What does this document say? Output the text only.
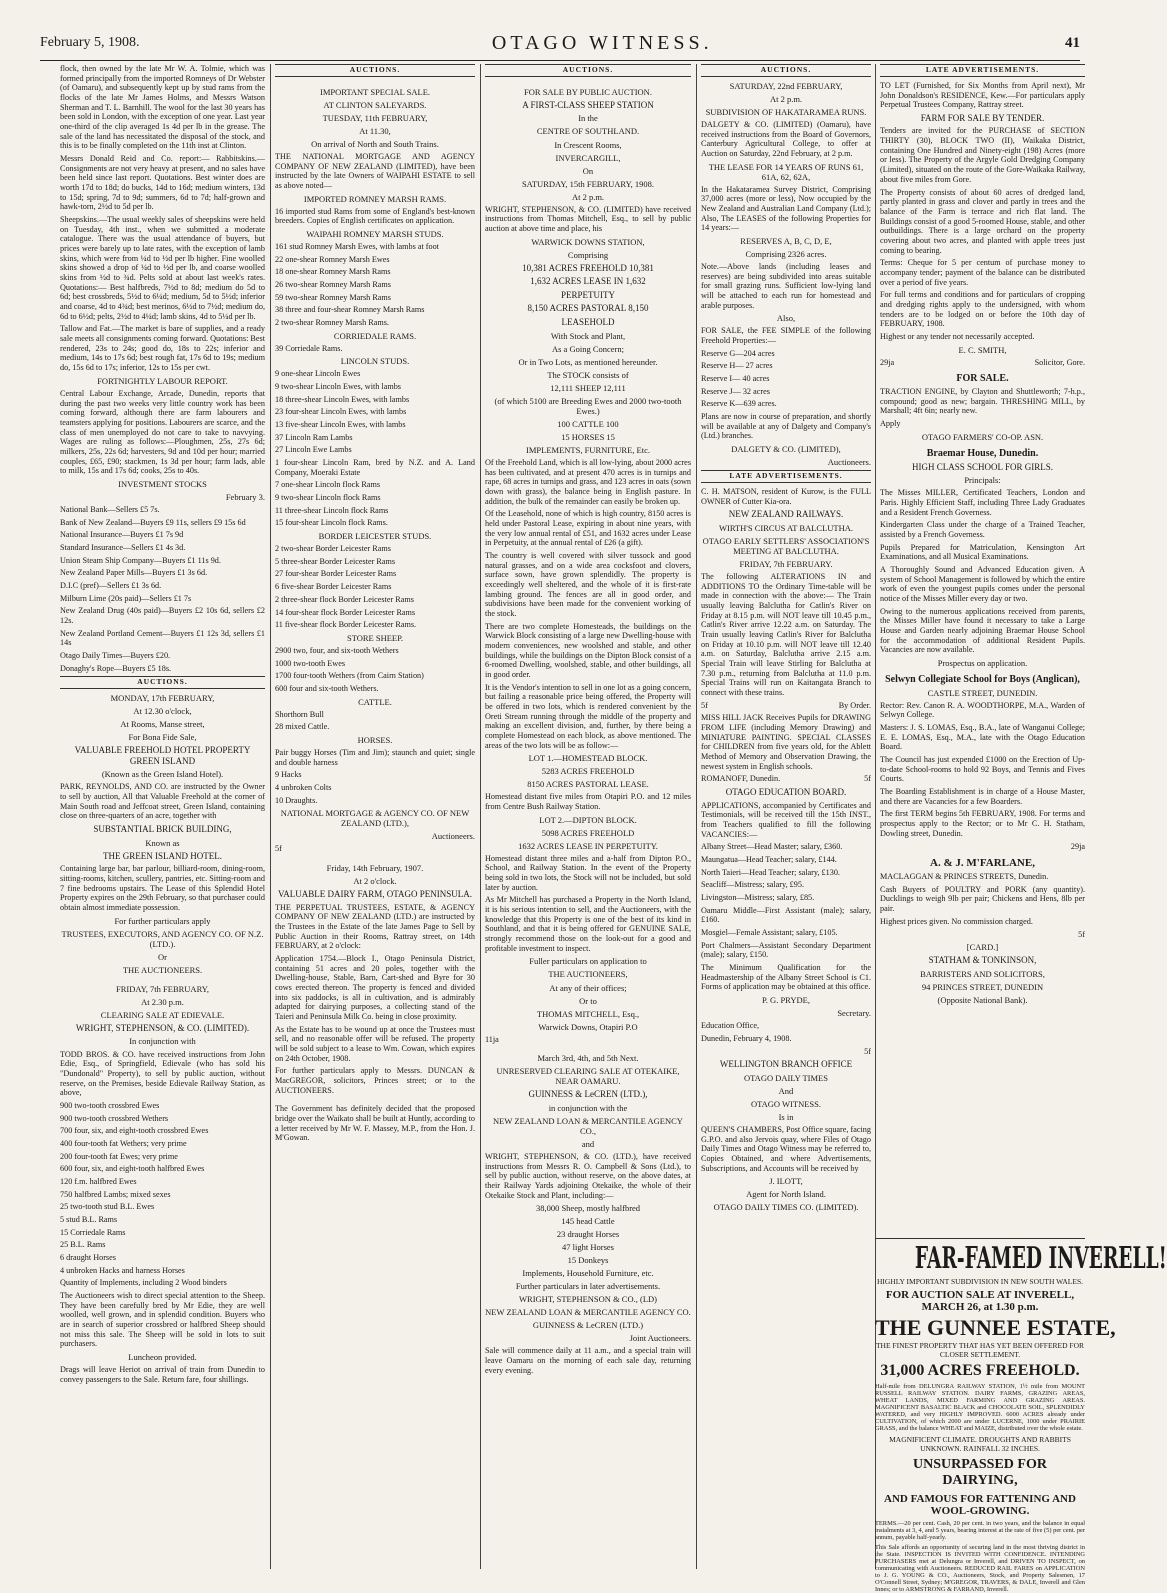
February 5, 1908.	OTAGO WITNESS.	41

flock, then owned by the late Mr W. A. Tolmie, which was formed principally from the imported Romneys of Dr Webster (of Oamaru), and subsequently kept up by stud rams from the flocks of the late Mr James Holms, and Messrs Watson Sherman and T. L. Barnhill. The wool for the last 30 years has been sold in London, with the exception of one year. Last year one-third of the clip averaged 1s 4d per lb in the grease. The sale of the land has necessitated the disposal of the stock, and this is to be finally completed on the 11th inst at Clinton.

Messrs Donald Reid and Co. report:— Rabbitskins.—Consignments are not very heavy at present, and no sales have been held since last report. Quotations. Best winter does are worth 17d to 18d; do bucks, 14d to 16d; medium winters, 13d to 15d; spring, 7d to 9d; summers, 6d to 7d; half-grown and hawk-torn, 2½d to 5d per lb.

Sheepskins.—The usual weekly sales of sheepskins were held on Tuesday, 4th inst., when we submitted a moderate catalogue. There was the usual attendance of buyers, but prices were barely up to late rates, with the exception of lamb skins, which were from ¼d to ½d per lb higher. Fine woolled skins showed a drop of ¼d to ½d per lb, and coarse woolled skins from ½d to ¾d. Pelts sold at about last week's rates. Quotations:— Best halfbreds, 7½d to 8d; medium do 5d to 6d; best crossbreds, 5½d to 6¼d; medium, 5d to 5½d; inferior and coarse, 4d to 4¾d; best merinos, 6½d to 7½d; medium do, 6d to 6½d; pelts, 2½d to 4¼d; lamb skins, 4d to 5¼d per lb.

Tallow and Fat.—The market is bare of supplies, and a ready sale meets all consignments coming forward. Quotations: Best rendered, 23s to 24s; good do, 18s to 22s; inferior and medium, 14s to 17s 6d; best rough fat, 17s 6d to 19s; medium do, 15s 6d to 17s; inferior, 12s to 15s per cwt.

FORTNIGHTLY LABOUR REPORT.

Central Labour Exchange, Arcade, Dunedin, reports that during the past two weeks very little country work has been coming forward, although there are farm labourers and teamsters applying for positions. Labourers are scarce, and the class of men unemployed do not care to take to navvying. Wages are ruling as follows:—Ploughmen, 25s, 27s 6d; milkers, 25s, 22s 6d; harvesters, 9d and 10d per hour; married couples, £65, £90; stackmen, 1s 3d per hour; farm lads, able to milk, 15s and 17s 6d; cooks, 25s to 40s.

INVESTMENT STOCKS

February 3.

National Bank—Sellers £5 7s.

Bank of New Zealand—Buyers £9 11s, sellers £9 15s 6d

National Insurance—Buyers £1 7s 9d

Standard Insurance—Sellers £1 4s 3d.

Union Steam Ship Company—Buyers £1 11s 9d.

New Zealand Paper Mills—Buyers £1 3s 6d.

D.I.C (pref)—Sellers £1 3s 6d.

Milburn Lime (20s paid)—Sellers £1 7s

New Zealand Drug (40s paid)—Buyers £2 10s 6d, sellers £2 12s.

New Zealand Portland Cement—Buyers £1 12s 3d, sellers £1 14s

Otago Daily Times—Buyers £20.

Donaghy's Rope—Buyers £5 18s.

AUCTIONS.

MONDAY, 17th FEBRUARY,

At 12.30 o'clock,

At Rooms, Manse street,

For Bona Fide Sale,

VALUABLE FREEHOLD HOTEL PROPERTY GREEN ISLAND

(Known as the Green Island Hotel).

PARK, REYNOLDS, AND CO. are instructed by the Owner to sell by auction, All that Valuable Freehold at the corner of Main South road and Jeffcoat street, Green Island, containing close on three-quarters of an acre, together with

SUBSTANTIAL BRICK BUILDING,

Known as

THE GREEN ISLAND HOTEL.

Containing large bar, bar parlour, billiard-room, dining-room, sitting-rooms, kitchen, scullery, pantries, etc. Sitting-room and 7 fine bedrooms upstairs. The Lease of this Splendid Hotel Property expires on the 29th February, so that purchaser could obtain almost immediate possession.

For further particulars apply

TRUSTEES, EXECUTORS, AND AGENCY CO. OF N.Z. (LTD.).

Or

THE AUCTIONEERS.

FRIDAY, 7th FEBRUARY,

At 2.30 p.m.

CLEARING SALE AT EDIEVALE.

WRIGHT, STEPHENSON, & CO. (LIMITED).

In conjunction with

TODD BROS. & CO. have received instructions from John Edie, Esq., of Springfield, Edievale (who has sold his "Dundonald" Property), to sell by public auction, without reserve, on the Premises, beside Edievale Railway Station, as above,

900 two-tooth crossbred Ewes

900 two-tooth crossbred Wethers

700 four, six, and eight-tooth crossbred Ewes

400 four-tooth fat Wethers; very prime

200 four-tooth fat Ewes; very prime

600 four, six, and eight-tooth halfbred Ewes

120 f.m. halfbred Ewes

750 halfbred Lambs; mixed sexes

25 two-tooth stud B.L. Ewes

5 stud B.L. Rams

15 Corriedale Rams

25 B.L. Rams

6 draught Horses

4 unbroken Hacks and harness Horses

Quantity of Implements, including 2 Wood binders

The Auctioneers wish to direct special attention to the Sheep. They have been carefully bred by Mr Edie, they are well woolled, well grown, and in splendid condition. Buyers who are in search of superior crossbred or halfbred Sheep should not miss this sale. The Sheep will be sold in lots to suit purchasers.

Luncheon provided.

Drags will leave Heriot on arrival of train from Dunedin to convey passengers to the Sale. Return fare, four shillings.

AUCTIONS.

IMPORTANT SPECIAL SALE.

AT CLINTON SALEYARDS.

TUESDAY, 11th FEBRUARY,

At 11.30,

On arrival of North and South Trains.

THE NATIONAL MORTGAGE AND AGENCY COMPANY OF NEW ZEALAND (LIMITED), have been instructed by the late Owners of WAIPAHI ESTATE to sell as above noted—

IMPORTED ROMNEY MARSH RAMS.

16 imported stud Rams from some of England's best-known breeders. Copies of English certificates on application.

WAIPAHI ROMNEY MARSH STUDS.

161 stud Romney Marsh Ewes, with lambs at foot

22 one-shear Romney Marsh Ewes

18 one-shear Romney Marsh Rams

26 two-shear Romney Marsh Rams

59 two-shear Romney Marsh Rams

38 three and four-shear Romney Marsh Rams

2 two-shear Romney Marsh Rams.

CORRIEDALE RAMS.

39 Corriedale Rams.

LINCOLN STUDS.

9 one-shear Lincoln Ewes

9 two-shear Lincoln Ewes, with lambs

18 three-shear Lincoln Ewes, with lambs

23 four-shear Lincoln Ewes, with lambs

13 five-shear Lincoln Ewes, with lambs

37 Lincoln Ram Lambs

27 Lincoln Ewe Lambs

1 four-shear Lincoln Ram, bred by N.Z. and A. Land Company, Moeraki Estate

7 one-shear Lincoln flock Rams

9 two-shear Lincoln flock Rams

11 three-shear Lincoln flock Rams

15 four-shear Lincoln flock Rams.

BORDER LEICESTER STUDS.

2 two-shear Border Leicester Rams

5 three-shear Border Leicester Rams

27 four-shear Border Leicester Rams

6 five-shear Border Leicester Rams

2 three-shear flock Border Leicester Rams

14 four-shear flock Border Leicester Rams

11 five-shear flock Border Leicester Rams.

STORE SHEEP.

2900 two, four, and six-tooth Wethers

1000 two-tooth Ewes

1700 four-tooth Wethers (from Cairn Station)

600 four and six-tooth Wethers.

CATTLE.

Shorthorn Bull

28 mixed Cattle.

HORSES.

Pair buggy Horses (Tim and Jim); staunch and quiet; single and double harness

9 Hacks

4 unbroken Colts

10 Draughts.

NATIONAL MORTGAGE & AGENCY CO. OF NEW ZEALAND (LTD.),

Auctioneers.

5f

Friday, 14th February, 1907.

At 2 o'clock.

VALUABLE DAIRY FARM, OTAGO PENINSULA.

THE PERPETUAL TRUSTEES, ESTATE, & AGENCY COMPANY OF NEW ZEALAND (LTD.) are instructed by the Trustees in the Estate of the late James Page to Sell by Public Auction in their Rooms, Rattray street, on 14th FEBRUARY, at 2 o'clock:

Application 1754.—Block I., Otago Peninsula District, containing 51 acres and 20 poles, together with the Dwelling-house, Stable, Barn, Cart-shed and Byre for 30 cows erected thereon. The property is fenced and divided into six paddocks, is all in cultivation, and is admirably adapted for dairying purposes, a collecting stand of the Taieri and Peninsula Milk Co. being in close proximity.

As the Estate has to be wound up at once the Trustees must sell, and no reasonable offer will be refused. The property will be sold subject to a lease to Wm. Cowan, which expires on 24th October, 1908.

For further particulars apply to Messrs. DUNCAN & MacGREGOR, solicitors, Princes street; or to the AUCTIONEERS.

The Government has definitely decided that the proposed bridge over the Waikato shall be built at Huntly, according to a letter received by Mr W. F. Massey, M.P., from the Hon. J. M'Gowan.

AUCTIONS.

FOR SALE BY PUBLIC AUCTION.

A FIRST-CLASS SHEEP STATION

In the

CENTRE OF SOUTHLAND.

In Crescent Rooms,

INVERCARGILL,

On

SATURDAY, 15th FEBRUARY, 1908.

At 2 p.m.

WRIGHT, STEPHENSON, & CO. (LIMITED) have received instructions from Thomas Mitchell, Esq., to sell by public auction at above time and place, his

WARWICK DOWNS STATION,

Comprising

10,381 ACRES FREEHOLD 10,381

1,632 ACRES LEASE IN 1,632

PERPETUITY

8,150 ACRES PASTORAL 8,150

LEASEHOLD

With Stock and Plant,

As a Going Concern;

Or in Two Lots, as mentioned hereunder.

The STOCK consists of

12,111 SHEEP 12,111

(of which 5100 are Breeding Ewes and 2000 two-tooth Ewes.)

100 CATTLE 100

15 HORSES 15

IMPLEMENTS, FURNITURE, Etc.

Of the Freehold Land, which is all low-lying, about 2000 acres has been cultivated, and at present 470 acres is in turnips and rape, 68 acres in turnips and grass, and 123 acres in oats (sown down with grass), the balance being in English pasture. In addition, the bulk of the remainder can easily be broken up.

Of the Leasehold, none of which is high country, 8150 acres is held under Pastoral Lease, expiring in about nine years, with the very low annual rental of £51, and 1632 acres under Lease in Perpetuity, at the annual rental of £26 (a gift).

The country is well covered with silver tussock and good natural grasses, and on a wide area cocksfoot and clovers, surface sown, have grown splendidly. The property is exceedingly well sheltered, and the whole of it is first-rate lambing ground. The fences are all in good order, and subdivisions have been made for the convenient working of the stock.

There are two complete Homesteads, the buildings on the Warwick Block consisting of a large new Dwelling-house with modern conveniences, new woolshed and stable, and other buildings, while the buildings on the Dipton Block consist of a 6-roomed Dwelling, woolshed, stable, and other buildings, all in good order.

It is the Vendor's intention to sell in one lot as a going concern, but failing a reasonable price being offered, the Property will be offered in two lots, which is rendered convenient by the Oreti Stream running through the middle of the property and making an excellent division, and, further, by there being a complete Homestead on each block, as above mentioned. The areas of the two lots will be as follow:—

LOT 1.—HOMESTEAD BLOCK.

5283 ACRES FREEHOLD

8150 ACRES PASTORAL LEASE.

Homestead distant five miles from Otapiri P.O. and 12 miles from Centre Bush Railway Station.

LOT 2.—DIPTON BLOCK.

5098 ACRES FREEHOLD

1632 ACRES LEASE IN PERPETUITY.

Homestead distant three miles and a-half from Dipton P.O., School, and Railway Station. In the event of the Property being sold in two lots, the Stock will not be included, but sold later by auction.

As Mr Mitchell has purchased a Property in the North Island, it is his serious intention to sell, and the Auctioneers, with the knowledge that this Property is one of the best of its kind in Southland, and that it is being offered for GENUINE SALE, strongly recommend those on the look-out for a good and profitable investment to inspect.

Fuller particulars on application to

THE AUCTIONEERS,

At any of their offices;

Or to

THOMAS MITCHELL, Esq.,

Warwick Downs, Otapiri P.O

11ja

March 3rd, 4th, and 5th Next.

UNRESERVED CLEARING SALE AT OTEKAIKE, NEAR OAMARU.

GUINNESS & LeCREN (LTD.),

in conjunction with the

NEW ZEALAND LOAN & MERCANTILE AGENCY CO.,

and

WRIGHT, STEPHENSON, & CO. (LTD.), have received instructions from Messrs R. O. Campbell & Sons (Ltd.), to sell by public auction, without reserve, on the above dates, at their Railway Yards adjoining Otekaike, the whole of their Otekaike Stock and Plant, including:—

38,000 Sheep, mostly halfbred

145 head Cattle

23 draught Horses

47 light Horses

15 Donkeys

Implements, Household Furniture, etc.

Further particulars in later advertisements.

WRIGHT, STEPHENSON & CO., (LD)

NEW ZEALAND LOAN & MERCANTILE AGENCY CO.

GUINNESS & LeCREN (LTD.)

Joint Auctioneers.

Sale will commence daily at 11 a.m., and a special train will leave Oamaru on the morning of each sale day, returning every evening.

AUCTIONS.

SATURDAY, 22nd FEBRUARY,

At 2 p.m.

SUBDIVISION OF HAKATARAMEA RUNS.

DALGETY & CO. (LIMITED) (Oamaru), have received instructions from the Board of Governors, Canterbury Agricultural College, to offer at Auction on Saturday, 22nd February, at 2 p.m.

THE LEASE FOR 14 YEARS OF RUNS 61, 61A, 62, 62A,

In the Hakataramea Survey District, Comprising 37,000 acres (more or less), Now occupied by the New Zealand and Australian Land Company (Ltd.); Also, The LEASES of the following Properties for 14 years:—

RESERVES A, B, C, D, E,

Comprising 2326 acres.

Note.—Above lands (including leases and reserves) are being subdivided into areas suitable for small grazing runs. Sufficient low-lying land will be attached to each run for homestead and arable purposes.

Also,

FOR SALE, the FEE SIMPLE of the following Freehold Properties:—

Reserve G—204 acres

Reserve H— 27 acres

Reserve I— 40 acres

Reserve J— 32 acres

Reserve K—639 acres.

Plans are now in course of preparation, and shortly will be available at any of Dalgety and Company's (Ltd.) branches.

DALGETY & CO. (LIMITED),

Auctioneers.

LATE ADVERTISEMENTS.

C. H. MATSON, resident of Kurow, is the FULL OWNER of Cutter Kia-ora.

NEW ZEALAND RAILWAYS.

WIRTH'S CIRCUS AT BALCLUTHA.

OTAGO EARLY SETTLERS' ASSOCIATION'S MEETING AT BALCLUTHA.

FRIDAY, 7th FEBRUARY.

The following ALTERATIONS IN and ADDITIONS TO the Ordinary Time-table will be made in connection with the above:— The Train usually leaving Balclutha for Catlin's River on Friday at 8.15 p.m. will NOT leave till 10.45 p.m., Catlin's River arrive 12.22 a.m. on Saturday. The Train usually leaving Catlin's River for Balclutha on Friday at 10.10 p.m. will NOT leave till 12.40 a.m. on Saturday, Balclutha arrive 2.15 a.m. Special Train will leave Stirling for Balclutha at 7.30 p.m., returning from Balclutha at 11.0 p.m. Special Trains will run on Kaitangata Branch to connect with these trains.

5f	By Order.

MISS HILL JACK Receives Pupils for DRAWING FROM LIFE (including Memory Drawing) and MINIATURE PAINTING. SPECIAL CLASSES for CHILDREN from five years old, for the Ablett Method of Memory and Observation Drawing, the newest system in English schools.

ROMANOFF, Dunedin.	5f

OTAGO EDUCATION BOARD.

APPLICATIONS, accompanied by Certificates and Testimonials, will be received till the 15th INST., from Teachers qualified to fill the following VACANCIES:—

Albany Street—Head Master; salary, £360.

Maungatua—Head Teacher; salary, £144.

North Taieri—Head Teacher; salary, £130.

Seacliff—Mistress; salary, £95.

Livingston—Mistress; salary, £85.

Oamaru Middle—First Assistant (male); salary, £160.

Mosgiel—Female Assistant; salary, £105.

Port Chalmers—Assistant Secondary Department (male); salary, £150.

The Minimum Qualification for the Headmastership of the Albany Street School is C1. Forms of application may be obtained at this office.

P. G. PRYDE,

Secretary.

Education Office,

Dunedin, February 4, 1908.

5f

WELLINGTON BRANCH OFFICE

OTAGO DAILY TIMES

And

OTAGO WITNESS.

Is in

QUEEN'S CHAMBERS, Post Office square, facing G.P.O. and also Jervois quay, where Files of Otago Daily Times and Otago Witness may be referred to, Copies Obtained, and where Advertisements, Subscriptions, and Accounts will be received by

J. ILOTT,

Agent for North Island.

OTAGO DAILY TIMES CO. (LIMITED).

LATE ADVERTISEMENTS.

TO LET (Furnished, for Six Months from April next), Mr John Donaldson's RESIDENCE, Kew.—For particulars apply Perpetual Trustees Company, Rattray street.

FARM FOR SALE BY TENDER.

Tenders are invited for the PURCHASE of SECTION THIRTY (30), BLOCK TWO (II), Waikaka District, containing One Hundred and Ninety-eight (198) Acres (more or less). The Property of the Argyle Gold Dredging Company (Limited), situated on the route of the Gore-Waikaka Railway, about five miles from Gore.

The Property consists of about 60 acres of dredged land, partly planted in grass and clover and partly in trees and the balance of the Farm is terrace and rich flat land. The Buildings consist of a good 5-roomed House, stable, and other outbuildings. There is a large orchard on the property covering about two acres, and planted with apple trees just coming to bearing.

Terms: Cheque for 5 per centum of purchase money to accompany tender; payment of the balance can be distributed over a period of five years.

For full terms and conditions and for particulars of cropping and dredging rights apply to the undersigned, with whom tenders are to be lodged on or before the 10th day of FEBRUARY, 1908.

Highest or any tender not necessarily accepted.

E. C. SMITH,

29ja	Solicitor, Gore.

FOR SALE.

TRACTION ENGINE, by Clayton and Shuttleworth; 7-h.p., compound; good as new; bargain. THRESHING MILL, by Marshall; 4ft 6in; nearly new.

Apply

OTAGO FARMERS' CO-OP. ASN.

Braemar House, Dunedin.

HIGH CLASS SCHOOL FOR GIRLS.

Principals:

The Misses MILLER, Certificated Teachers, London and Paris. Highly Efficient Staff, including Three Lady Graduates and a Resident French Governess.

Kindergarten Class under the charge of a Trained Teacher, assisted by a French Governess.

Pupils Prepared for Matriculation, Kensington Art Examinations, and all Musical Examinations.

A Thoroughly Sound and Advanced Education given. A system of School Management is followed by which the entire work of even the youngest pupils comes under the personal notice of the Misses Miller every day or two.

Owing to the numerous applications received from parents, the Misses Miller have found it necessary to take a Large House and Garden nearly adjoining Braemar House School for the accommodation of additional Resident Pupils. Vacancies are now available.

Prospectus on application.

Selwyn Collegiate School for Boys (Anglican),

CASTLE STREET, DUNEDIN.

Rector: Rev. Canon R. A. WOODTHORPE, M.A., Warden of Selwyn College.

Masters: J. S. LOMAS, Esq., B.A., late of Wanganui College; E. E. LOMAS, Esq., M.A., late with the Otago Education Board.

The Council has just expended £1000 on the Erection of Up-to-date School-rooms to hold 92 Boys, and Tennis and Fives Courts.

The Boarding Establishment is in charge of a House Master, and there are Vacancies for a few Boarders.

The first TERM begins 5th FEBRUARY, 1908. For terms and prospectus apply to the Rector; or to Mr C. H. Statham, Dowling street, Dunedin.

29ja

A. & J. M'FARLANE,

MACLAGGAN & PRINCES STREETS, Dunedin.

Cash Buyers of POULTRY and PORK (any quantity). Ducklings to weigh 9lb per pair; Chickens and Hens, 8lb per pair.

Highest prices given. No commission charged.

5f

[CARD.]

STATHAM & TONKINSON,

BARRISTERS AND SOLICITORS,

94 PRINCES STREET, DUNEDIN

(Opposite National Bank).

FAR-FAMED INVERELL!

HIGHLY IMPORTANT SUBDIVISION IN NEW SOUTH WALES.

FOR AUCTION SALE AT INVERELL, MARCH 26, at 1.30 p.m.

THE GUNNEE ESTATE,

THE FINEST PROPERTY THAT HAS YET BEEN OFFERED FOR CLOSER SETTLEMENT.

31,000 ACRES FREEHOLD.

Half-mile from DELUNGRA RAILWAY STATION, 1½ mile from MOUNT RUSSELL RAILWAY STATION. DAIRY FARMS, GRAZING AREAS, WHEAT LANDS, MIXED FARMING AND GRAZING AREAS. MAGNIFICENT BASALTIC BLACK and CHOCOLATE SOIL, SPLENDIDLY WATERED, and very HIGHLY IMPROVED. 6000 ACRES already under CULTIVATION, of which 2000 are under LUCERNE, 1000 under PRAIRIE GRASS, and the balance WHEAT and MAIZE, distributed over the whole estate.

MAGNIFICENT CLIMATE. DROUGHTS AND RABBITS UNKNOWN. RAINFALL 32 INCHES.

UNSURPASSED FOR DAIRYING,

AND FAMOUS FOR FATTENING AND WOOL-GROWING.

TERMS.—20 per cent. Cash, 20 per cent. in two years, and the balance in equal instalments at 3, 4, and 5 years, bearing interest at the rate of five (5) per cent. per annum, payable half-yearly.

This Sale affords an opportunity of securing land in the most thriving district in the State. INSPECTION IS INVITED WITH CONFIDENCE. INTENDING PURCHASERS met at Delungra or Inverell, and DRIVEN TO INSPECT, on communicating with Auctioneers. REDUCED RAIL FARES on APPLICATION to J. G. YOUNG & CO., Auctioneers, Stock, and Property Salesmen, 17 O'Connell Street, Sydney; M'GREGOR, TRAVERS, & DALE, Inverell and Glen Innes; or to ARMSTRONG & FARRAND, Inverell.
